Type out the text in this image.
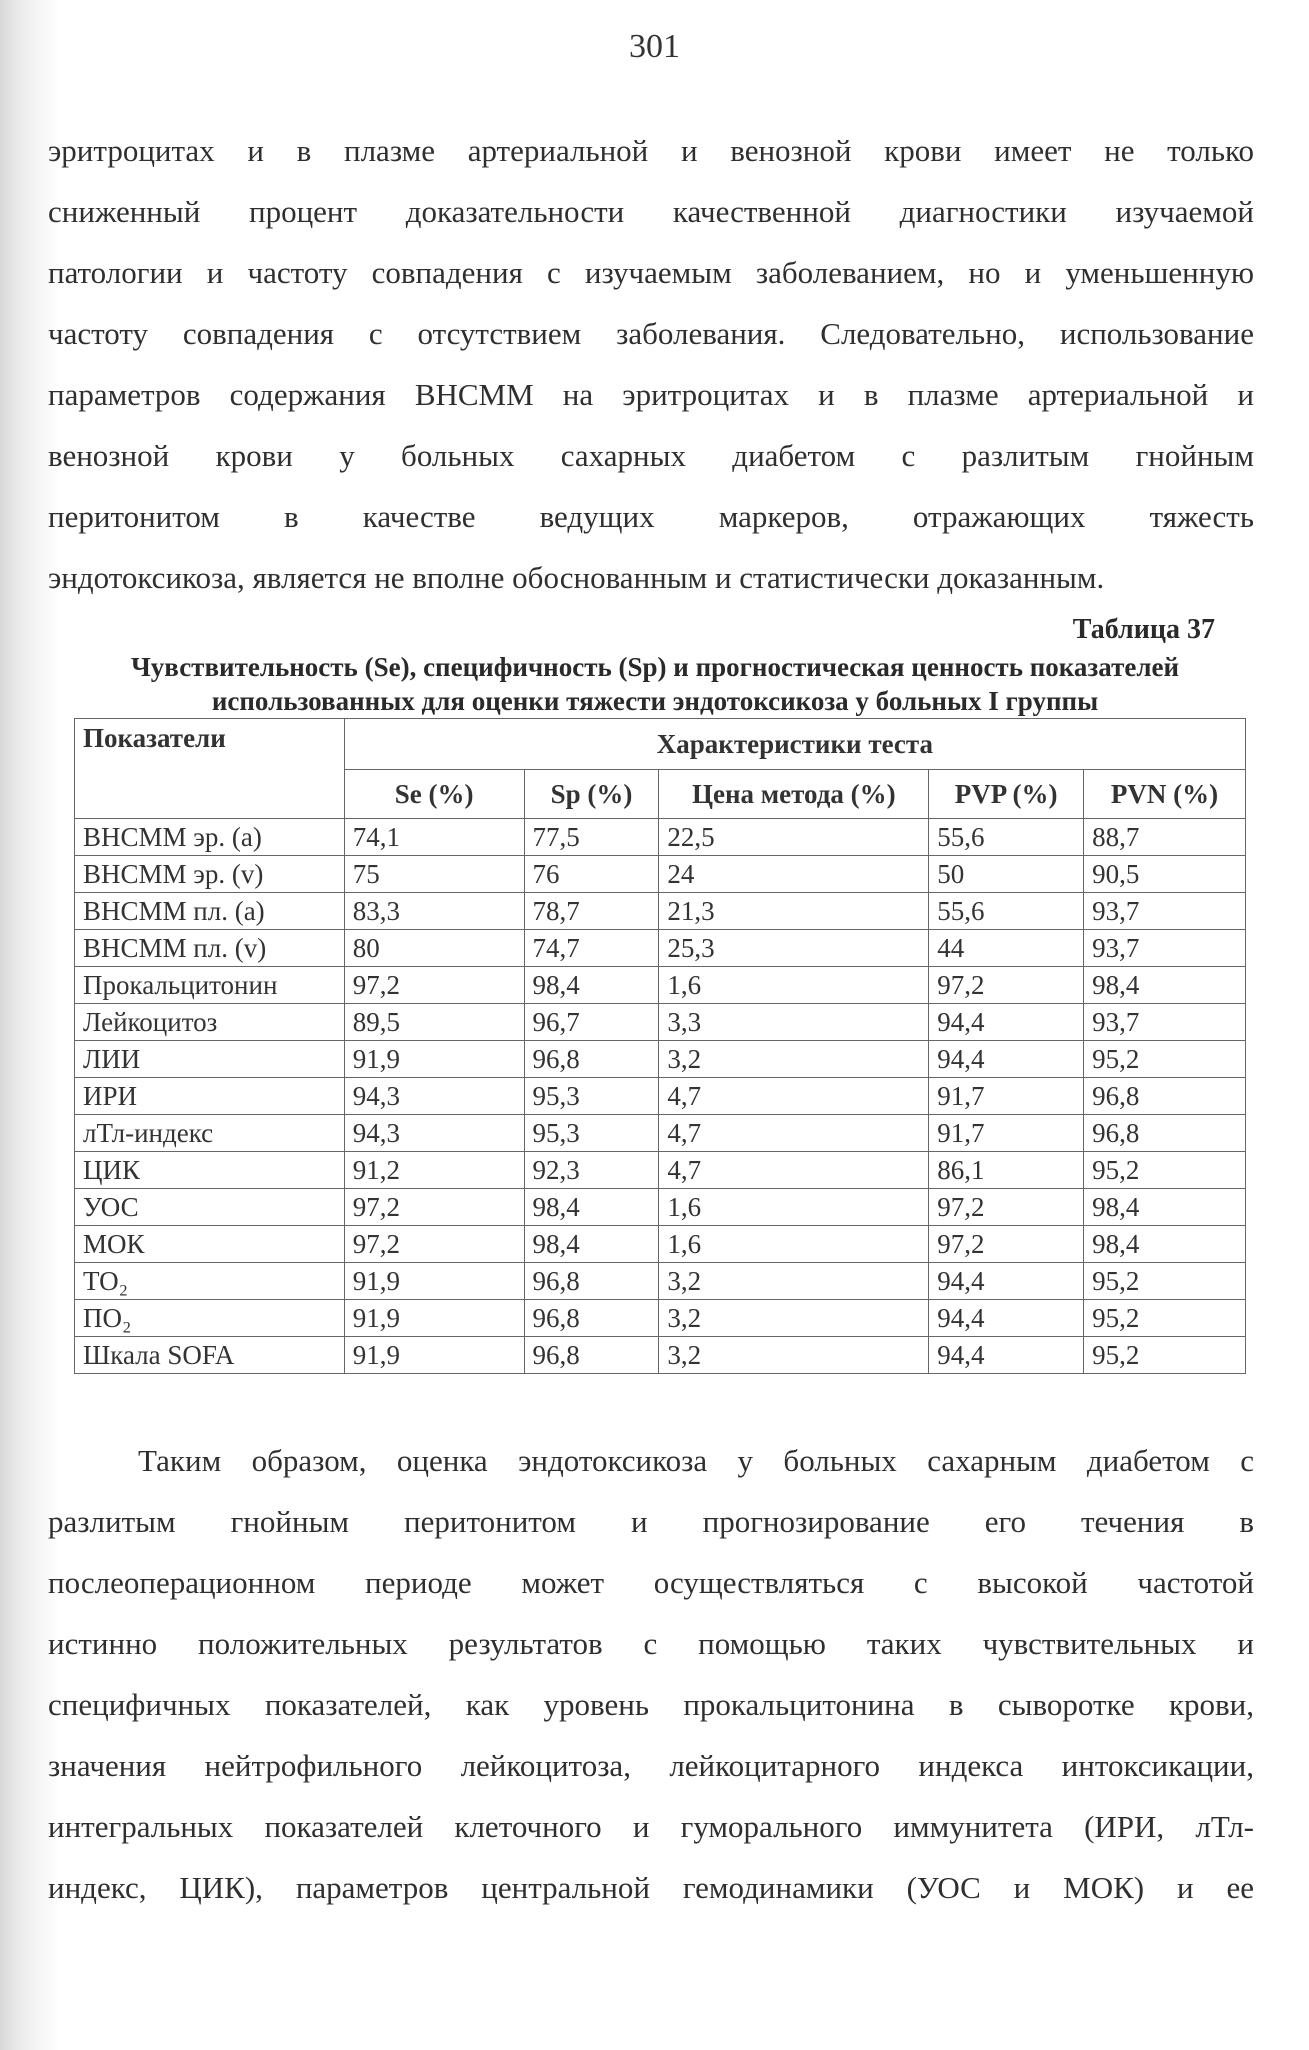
301
эритроцитах и в плазме артериальной и венозной крови имеет не только
сниженный процент доказательности качественной диагностики изучаемой
патологии и частоту совпадения с изучаемым заболеванием, но и уменьшенную
частоту совпадения с отсутствием заболевания. Следовательно, использование
параметров содержания ВНСММ на эритроцитах и в плазме артериальной и
венозной крови у больных сахарных диабетом с разлитым гнойным
перитонитом в качестве ведущих маркеров, отражающих тяжесть
эндотоксикоза, является не вполне обоснованным и статистически доказанным.
Таблица 37
Чувствительность (Se), специфичность (Sp) и прогностическая ценность показателей
использованных для оценки тяжести эндотоксикоза у больных I группы
Показатели	Характеристики теста				
	Se (%)	Sp (%)	Цена метода (%)	PVP (%)	PVN (%)
ВНСММ эр. (а)	74,1	77,5	22,5	55,6	88,7
ВНСММ эр. (v)	75	76	24	50	90,5
ВНСММ пл. (а)	83,3	78,7	21,3	55,6	93,7
ВНСММ пл. (v)	80	74,7	25,3	44	93,7
Прокальцитонин	97,2	98,4	1,6	97,2	98,4
Лейкоцитоз	89,5	96,7	3,3	94,4	93,7
ЛИИ	91,9	96,8	3,2	94,4	95,2
ИРИ	94,3	95,3	4,7	91,7	96,8
лТл-индекс	94,3	95,3	4,7	91,7	96,8
ЦИК	91,2	92,3	4,7	86,1	95,2
УОС	97,2	98,4	1,6	97,2	98,4
МОК	97,2	98,4	1,6	97,2	98,4
ТО₂	91,9	96,8	3,2	94,4	95,2
ПО₂	91,9	96,8	3,2	94,4	95,2
Шкала SOFA	91,9	96,8	3,2	94,4	95,2
Таким образом, оценка эндотоксикоза у больных сахарным диабетом с
разлитым гнойным перитонитом и прогнозирование его течения в
послеоперационном периоде может осуществляться с высокой частотой
истинно положительных результатов с помощью таких чувствительных и
специфичных показателей, как уровень прокальцитонина в сыворотке крови,
значения нейтрофильного лейкоцитоза, лейкоцитарного индекса интоксикации,
интегральных показателей клеточного и гуморального иммунитета (ИРИ, лТл-
индекс, ЦИК), параметров центральной гемодинамики (УОС и МОК) и ее
